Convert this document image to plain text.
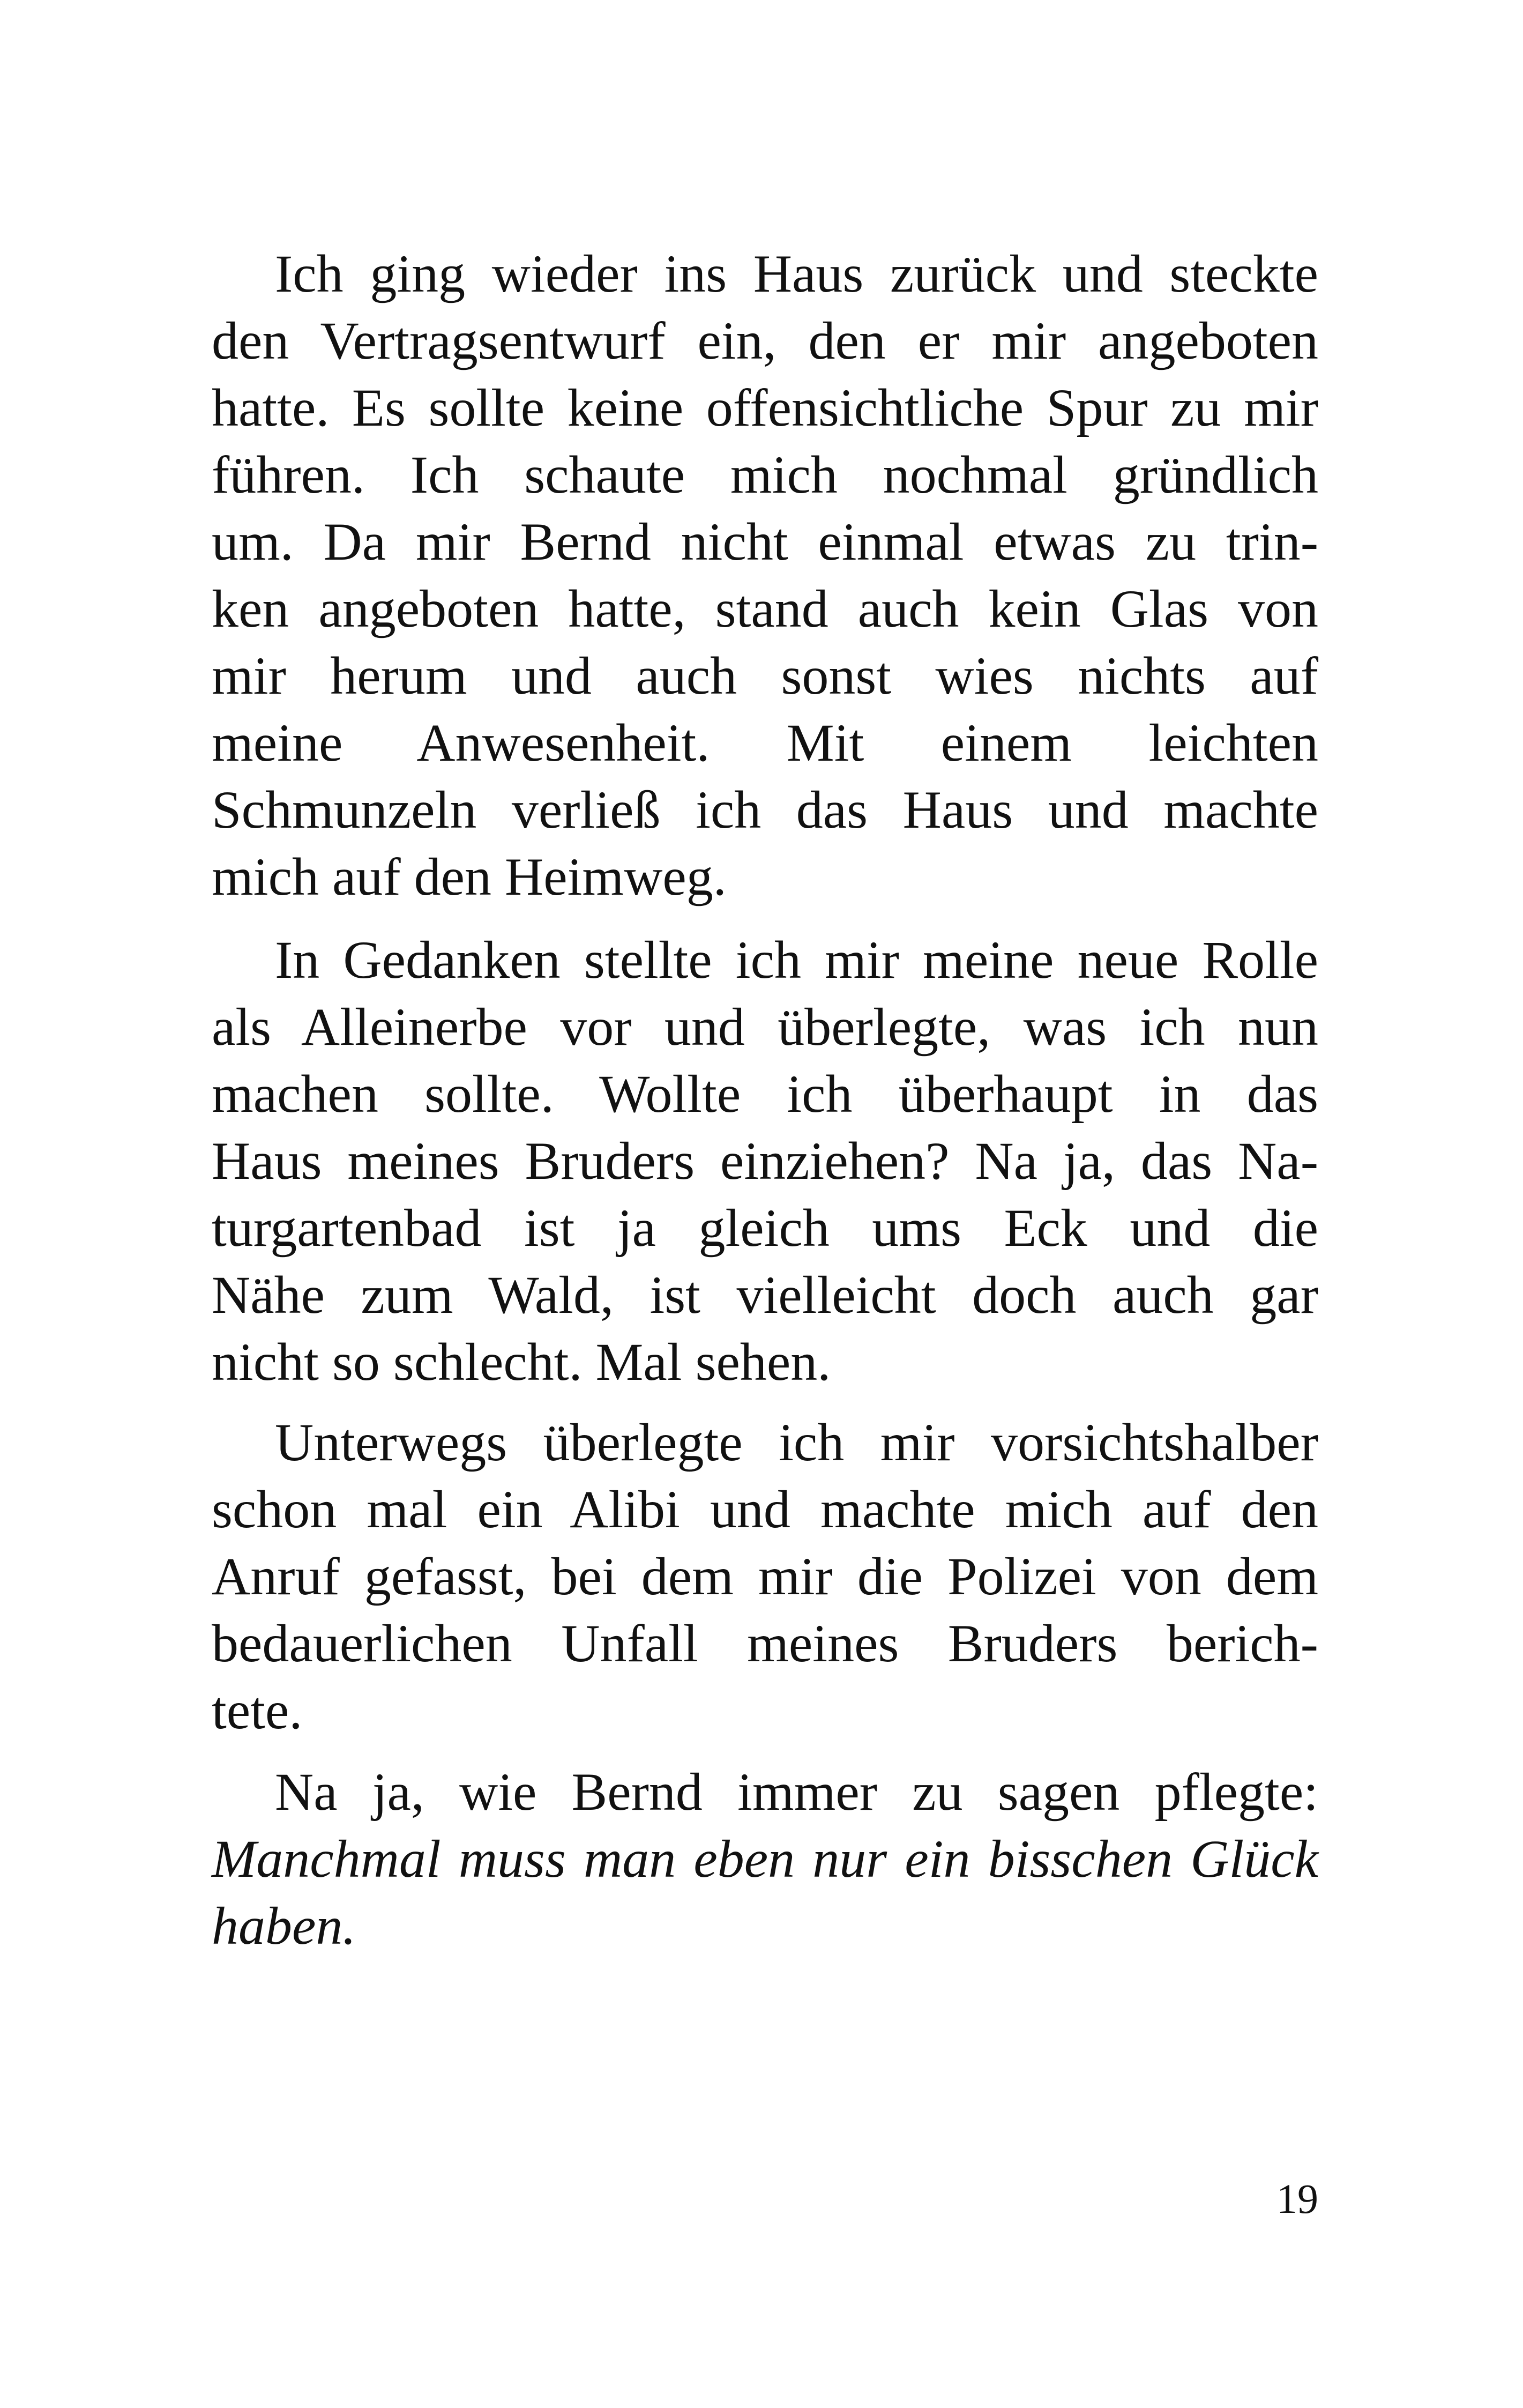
Ich ging wieder ins Haus zurück und steckte
den Vertragsentwurf ein, den er mir angeboten
hatte. Es sollte keine offensichtliche Spur zu mir
führen. Ich schaute mich nochmal gründlich
um. Da mir Bernd nicht einmal etwas zu trin-
ken angeboten hatte, stand auch kein Glas von
mir herum und auch sonst wies nichts auf
meine Anwesenheit. Mit einem leichten
Schmunzeln verließ ich das Haus und machte
mich auf den Heimweg.
In Gedanken stellte ich mir meine neue Rolle
als Alleinerbe vor und überlegte, was ich nun
machen sollte. Wollte ich überhaupt in das
Haus meines Bruders einziehen? Na ja, das Na-
turgartenbad ist ja gleich ums Eck und die
Nähe zum Wald, ist vielleicht doch auch gar
nicht so schlecht. Mal sehen.
Unterwegs überlegte ich mir vorsichtshalber
schon mal ein Alibi und machte mich auf den
Anruf gefasst, bei dem mir die Polizei von dem
bedauerlichen Unfall meines Bruders berich-
tete.
Na ja, wie Bernd immer zu sagen pflegte:
Manchmal muss man eben nur ein bisschen Glück
haben.
19
